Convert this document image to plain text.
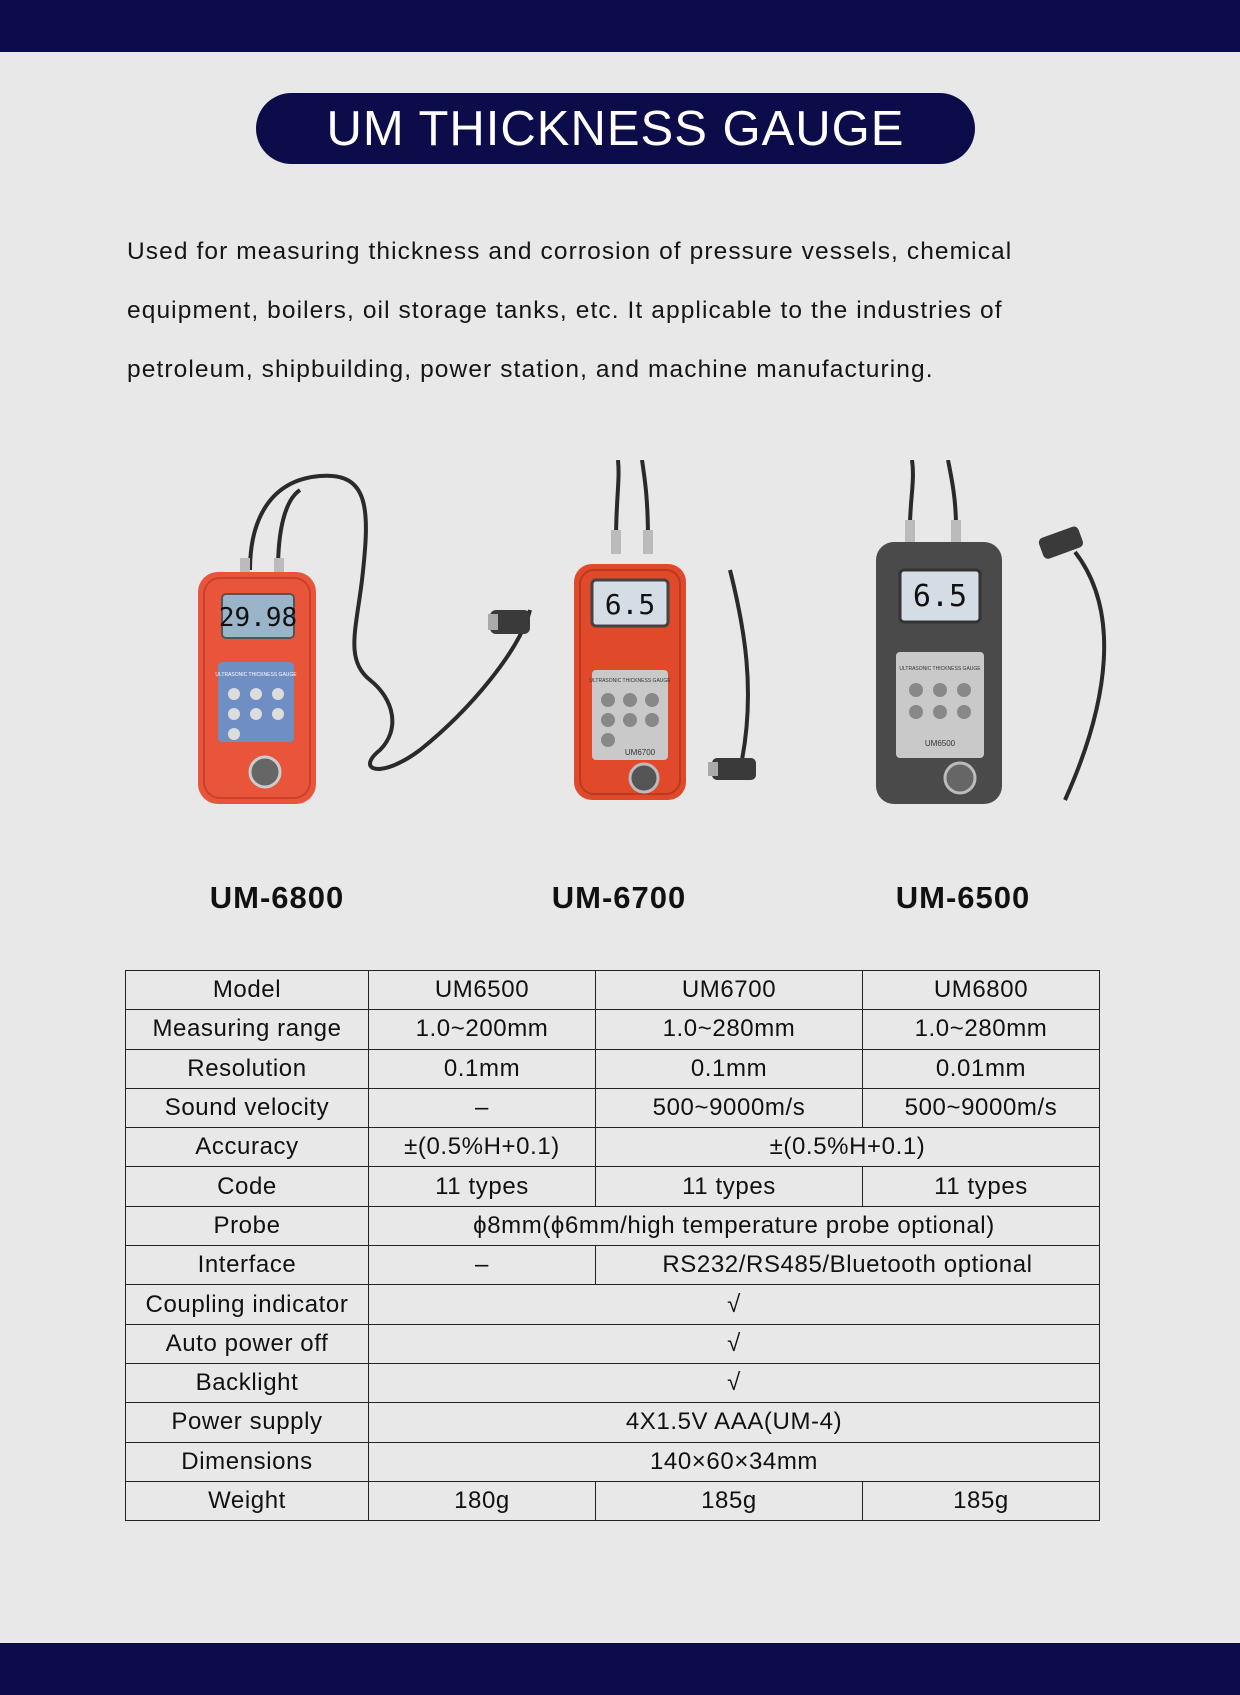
UM THICKNESS GAUGE
Used for measuring thickness and corrosion of pressure vessels, chemical
equipment, boilers, oil storage tanks, etc. It applicable to the industries of
petroleum, shipbuilding, power station, and machine manufacturing.
29.98
ULTRASONIC THICKNESS GAUGE
6.5
ULTRASONIC THICKNESS GAUGE
UM6700
6.5
ULTRASONIC THICKNESS GAUGE
UM6500
UM-6800	UM-6700	UM-6500
Model	UM6500	UM6700	UM6800
Measuring range	1.0~200mm	1.0~280mm	1.0~280mm
Resolution	0.1mm	0.1mm	0.01mm
Sound velocity	–	500~9000m/s	500~9000m/s
Accuracy	±(0.5%H+0.1)	±(0.5%H+0.1)	
Code	11 types	11 types	11 types
Probe	ϕ8mm(ϕ6mm/high temperature probe optional)		
Interface	–	RS232/RS485/Bluetooth optional	
Coupling indicator	√		
Auto power off	√		
Backlight	√		
Power supply	4X1.5V AAA(UM-4)		
Dimensions	140×60×34mm		
Weight	180g	185g	185g
